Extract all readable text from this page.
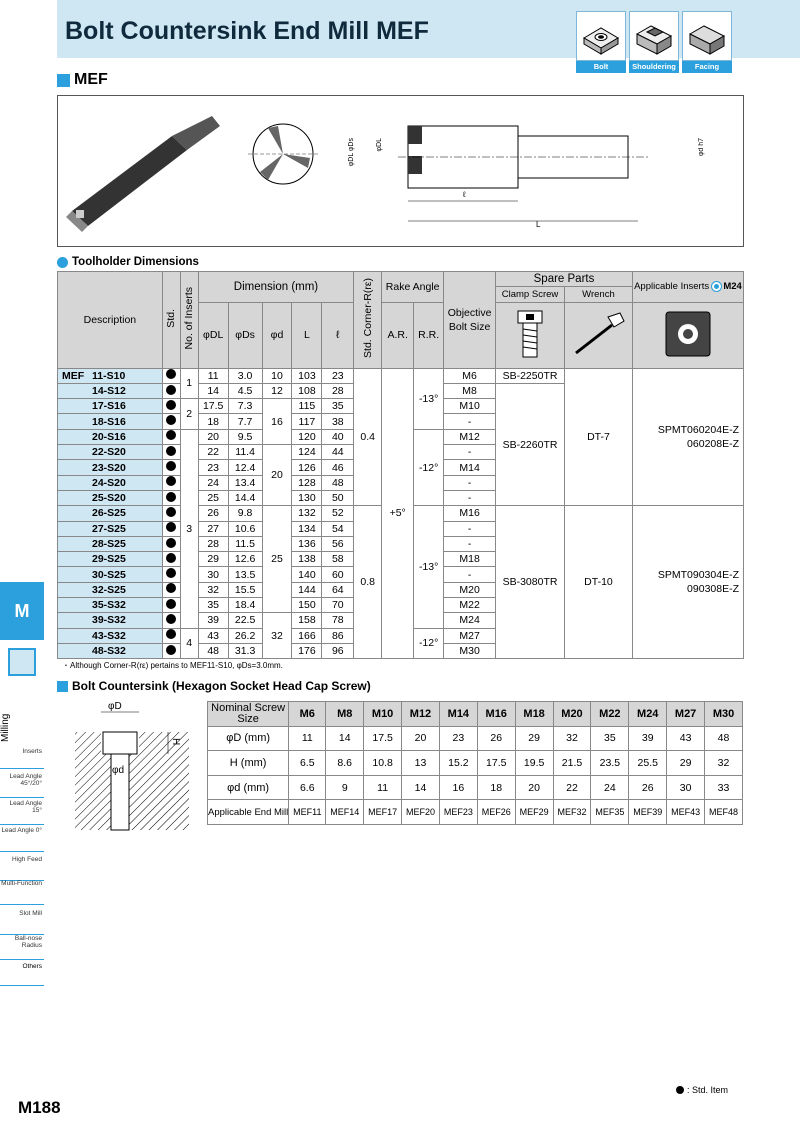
Bolt Countersink End Mill MEF
Bolt Countersinking
Shouldering	Facing
MEF
φDL φDs	φDL	φd h7
ℓ
L
Toolholder Dimensions
Description	Std.	No. of Inserts	Dimension (mm)					Std. Corner-R(rε)	Rake Angle		Objective Bolt Size	Spare Parts		Applicable Inserts M24
												Clamp Screw	Wrench	
			φDL	φDs	φd	L	ℓ		A.R.	R.R.			
MEF 11-S10		1	11	3.0	10	103	23	0.4	+5°	-13°	M6	SB-2250TR	DT-7	SPMT060204E-Z
060208E-Z
14-S12			14	4.5	12	108	28				M8	SB-2260TR		
17-S16		2	17.5	7.3	16	115	35				M10			
18-S16			18	7.7		117	38				-			
20-S16		3	20	9.5		120	40			-12°	M12			
22-S20			22	11.4	20	124	44				-			
23-S20			23	12.4		126	46				M14			
24-S20			24	13.4		128	48				-			
25-S20			25	14.4		130	50				-			
26-S25			26	9.8	25	132	52	0.8		-13°	M16	SB-3080TR	DT-10	SPMT090304E-Z
090308E-Z
27-S25			27	10.6		134	54				-			
28-S25			28	11.5		136	56				-			
29-S25			29	12.6		138	58				M18			
30-S25			30	13.5		140	60				-			
32-S25			32	15.5		144	64				M20			
35-S32			35	18.4		150	70				M22			
39-S32			39	22.5	32	158	78				M24			
43-S32		4	43	26.2		166	86			-12°	M27			
48-S32			48	31.3		176	96				M30			
・Although Corner-R(rε) pertains to MEF11-S10, φDs=3.0mm.
Bolt Countersink (Hexagon Socket Head Cap Screw)
φD
H
φd
Nominal Screw Size	M6	M8	M10	M12	M14	M16	M18	M20	M22	M24	M27	M30
φD (mm)	11	14	17.5	20	23	26	29	32	35	39	43	48
H (mm)	6.5	8.6	10.8	13	15.2	17.5	19.5	21.5	23.5	25.5	29	32
φd (mm)	6.6	9	11	14	16	18	20	22	24	26	30	33
Applicable End Mill	MEF11	MEF14	MEF17	MEF20	MEF23	MEF26	MEF29	MEF32	MEF35	MEF39	MEF43	MEF48
M
Milling
Inserts
Lead Angle 45°/20°
Lead Angle 15°
Lead Angle 0°
High Feed
Multi-Function
Slot Mill
Ball-nose Radius
Others
M188
: Std. Item
